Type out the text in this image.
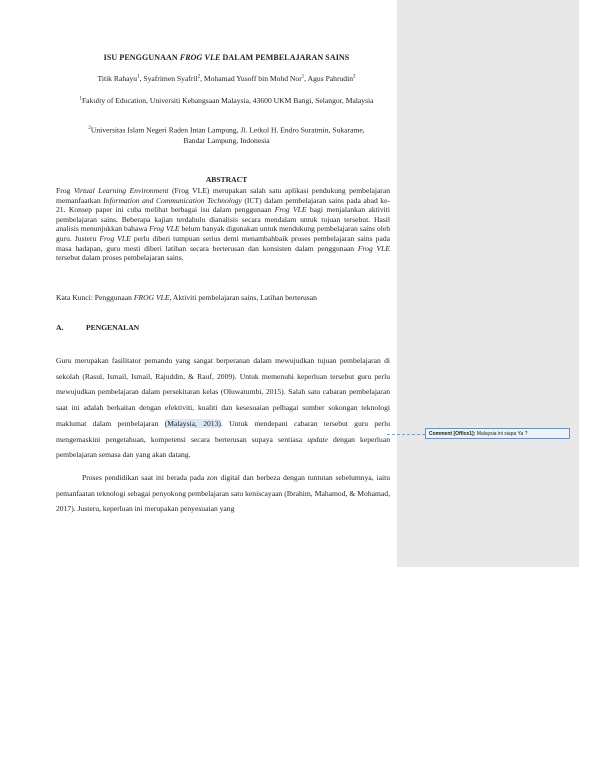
ISU PENGGUNAAN FROG VLE DALAM PEMBELAJARAN SAINS
Titik Rahayu$^1$, Syafrimen Syafril$^2$, Mohamad Yusoff bin Mohd Nor$^1$, Agus Pahrudin$^2$
$^1$Fakulty of Education, Universiti Kebangsaan Malaysia, 43600 UKM Bangi, Selangor, Malaysia
$^2$Universitas Islam Negeri Raden Intan Lampung, Jl. Letkol H. Endro Suratmin, Sukarame,
Bandar Lampung, Indonesia
ABSTRACT
Frog Virtual Learning Environment (Frog VLE) merupakan salah satu aplikasi pendukung pembelajaran memanfaatkan Information and Communication Technology (ICT) dalam pembelajaran sains pada abad ke-21. Konsep paper ini cuba melihat berbagai isu dalam penggunaan Frog VLE bagi menjalankan aktiviti pembelajaran sains. Beberapa kajian terdahulu dianalisis secara mendalam untuk tujuan tersebut. Hasil analisis menunjukkan bahawa Frog VLE belum banyak digunakan untuk mendukung pembelajaran sains oleh guru. Justeru Frog VLE perlu diberi tumpuan serius demi menambahbaik proses pembelajaran sains pada masa hadapan, guru mesti diberi latihan secara berterusan dan konsisten dalam penggunaan Frog VLE tersebut dalam proses pembelajaran sains.
Kata Kunci: Penggunaan FROG VLE, Aktiviti pembelajaran sains, Latihan berterusan
A.	PENGENALAN
Guru merupakan fasilitator pemandu yang sangat berperanan dalam mewujudkan tujuan pembelajaran di sekolah (Rasul, Ismail, Ismail, Rajuddin, & Rauf, 2009). Untuk memenuhi keperluan tersebut guru perlu mewujudkan pembelajaran dalam persekitaran kelas (Oluwatumbi, 2015). Salah satu cabaran pembelajaran saat ini adalah berkaitan dengan efektiviti, kualiti dan kesesuaian pelbagai sumber sokongan teknologi maklumat dalam pembelajaran (Malaysia, 2013). Untuk mendepani cabaran tersebut guru perlu mengemaskini pengetahuan, kompetensi secara berterusan supaya sentiasa update dengan keperluan pembelajaran semasa dan yang akan datang.
Proses pendidikan saat ini berada pada zon digital dan berbeza dengan tuntutan sebelumnya, iaitu pemanfaatan teknologi sebagai penyokong pembelajaran satu keniscayaan (Ibrahim, Mahamod, & Mohamad, 2017). Justeru, keperluan ini merupakan penyesuaian yang
Comment [Office1]: Malaysia ini siapa Ya ?
